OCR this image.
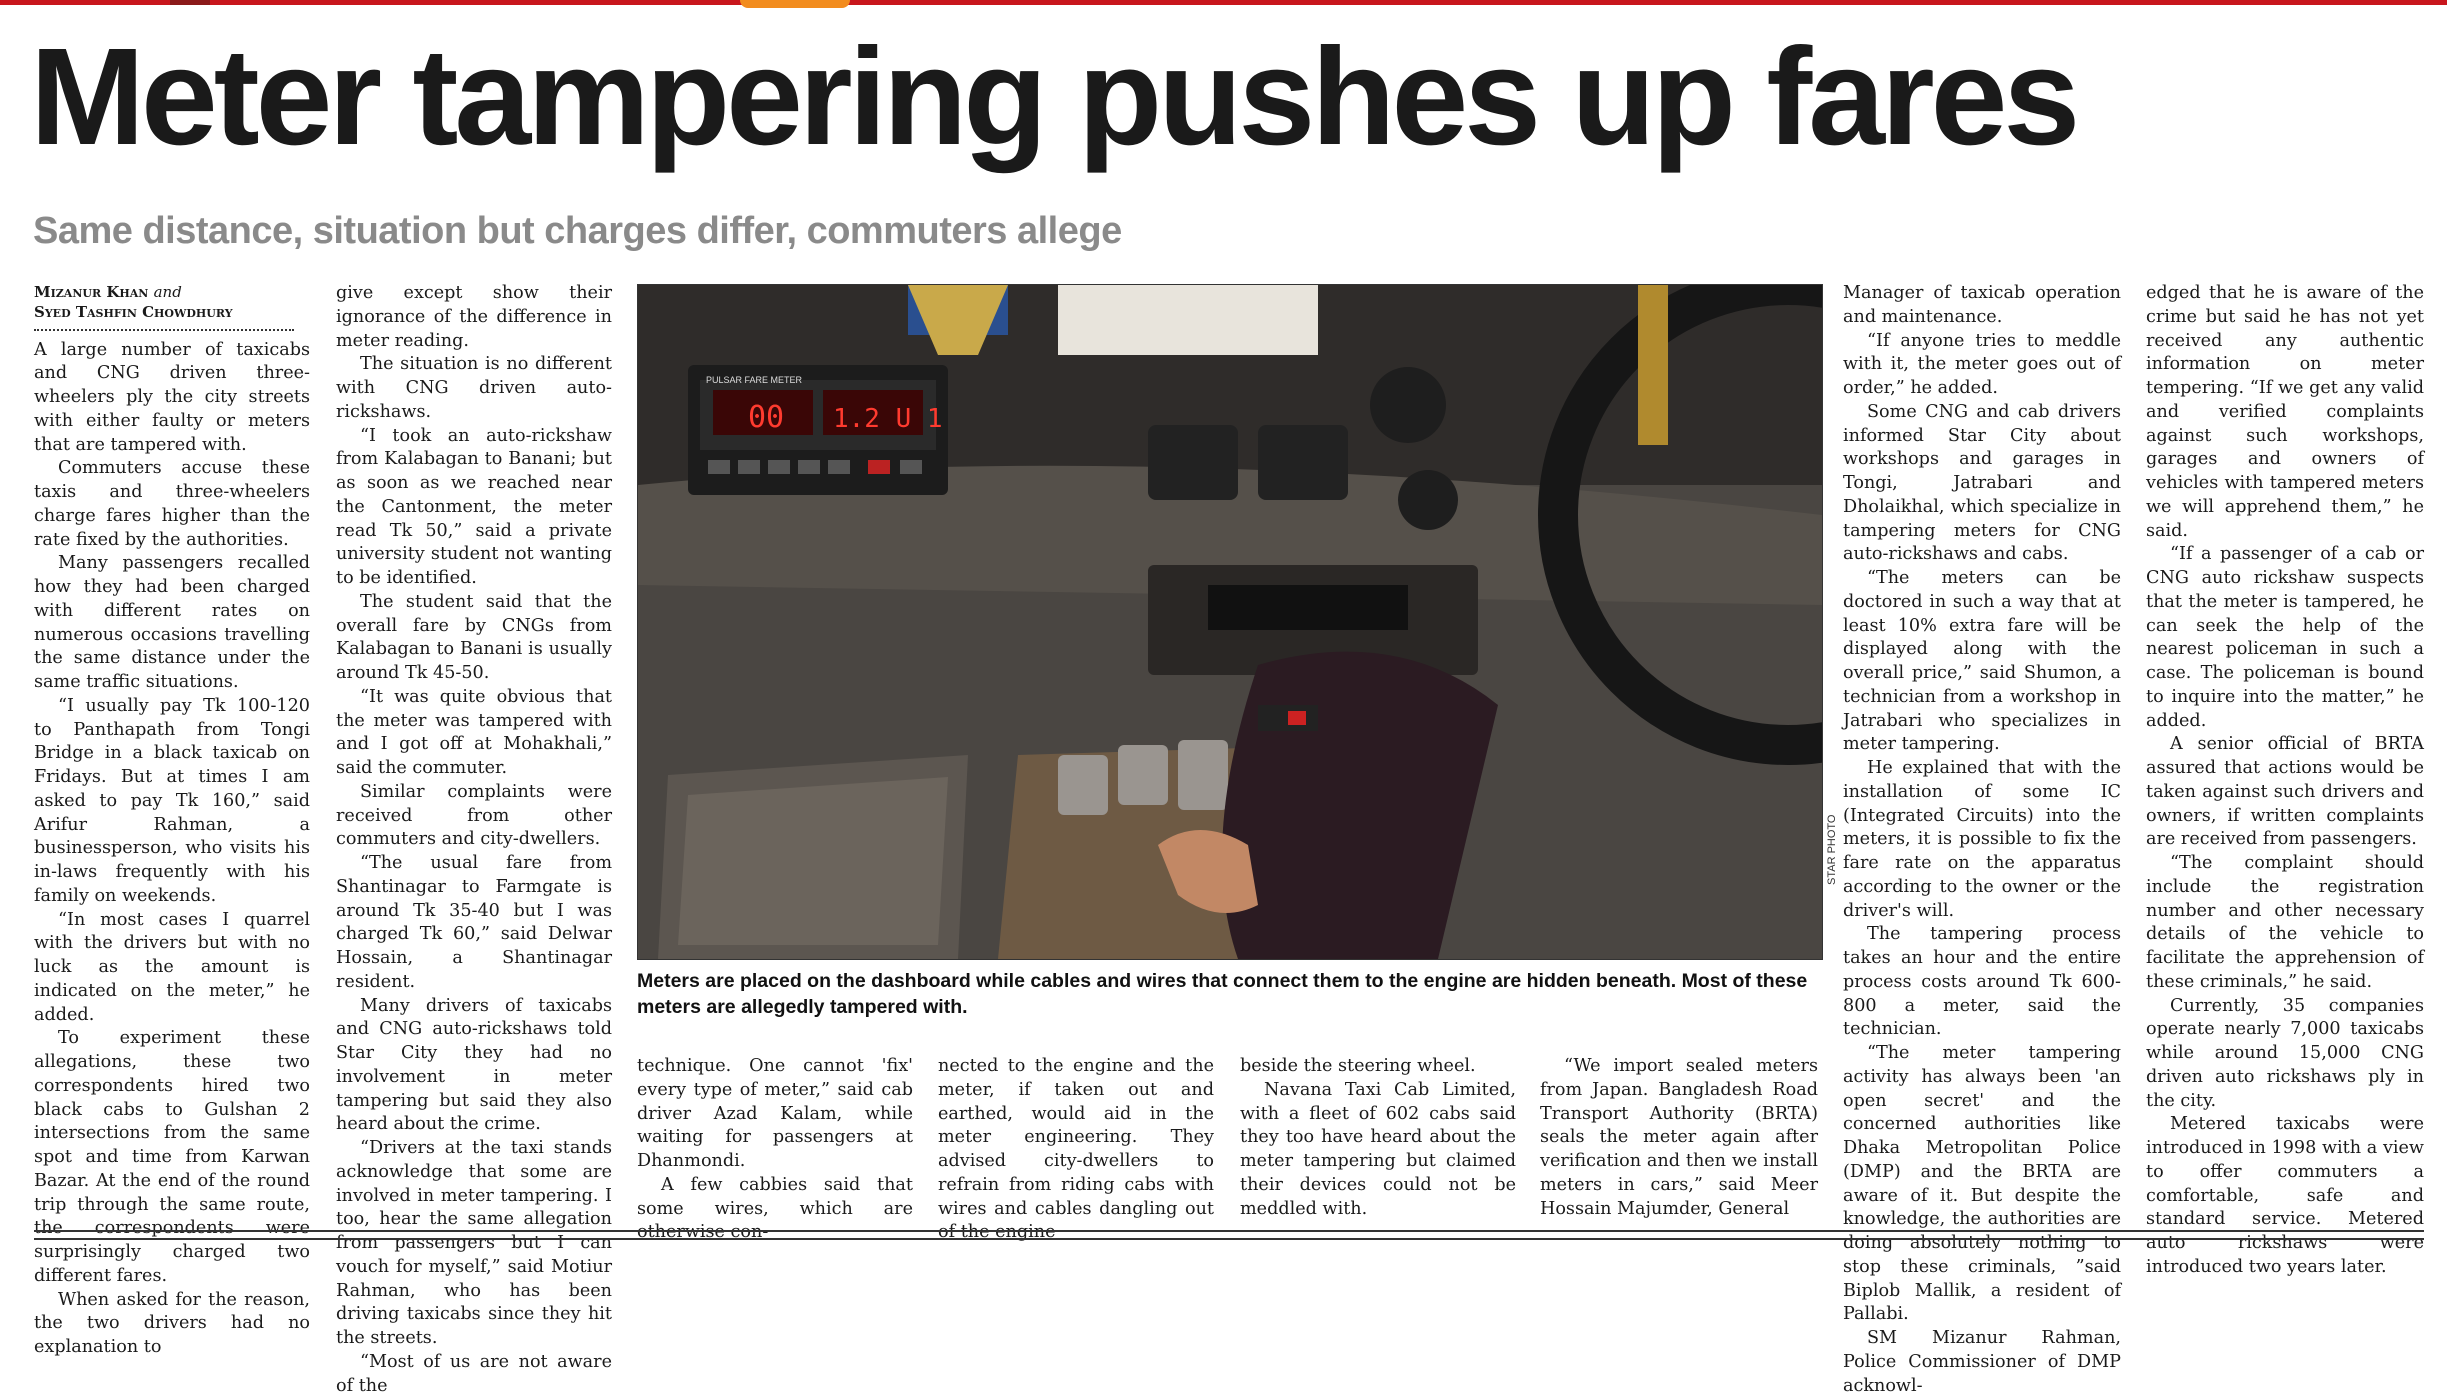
Meter tampering pushes up fares
Same distance, situation but charges differ, commuters allege
Mizanur Khan and
Syed Tashfin Chowdhury

A large number of taxicabs and CNG driven three-wheelers ply the city streets with either faulty or meters that are tampered with.

Commuters accuse these taxis and three-wheelers charge fares higher than the rate fixed by the authorities.

Many passengers recalled how they had been charged with different rates on numerous occasions travelling the same distance under the same traffic situations.

“I usually pay Tk 100-120 to Panthapath from Tongi Bridge in a black taxicab on Fridays. But at times I am asked to pay Tk 160,” said Arifur Rahman, a businessperson, who visits his in-laws frequently with his family on weekends.

“In most cases I quarrel with the drivers but with no luck as the amount is indicated on the meter,” he added.

To experiment these allegations, these two correspondents hired two black cabs to Gulshan 2 intersections from the same spot and time from Karwan Bazar. At the end of the round trip through the same route, the correspondents were surprisingly charged two different fares.

When asked for the reason, the two drivers had no explanation to

give except show their ignorance of the difference in meter reading.

The situation is no different with CNG driven auto-rickshaws.

“I took an auto-rickshaw from Kalabagan to Banani; but as soon as we reached near the Cantonment, the meter read Tk 50,” said a private university student not wanting to be identified.

The student said that the overall fare by CNGs from Kalabagan to Banani is usually around Tk 45-50.

“It was quite obvious that the meter was tampered with and I got off at Mohakhali,” said the commuter.

Similar complaints were received from other commuters and city-dwellers.

“The usual fare from Shantinagar to Farmgate is around Tk 35-40 but I was charged Tk 60,” said Delwar Hossain, a Shantinagar resident.

Many drivers of taxicabs and CNG auto-rickshaws told Star City they had no involvement in meter tampering but said they also heard about the crime.

“Drivers at the taxi stands acknowledge that some are involved in meter tampering. I too, hear the same allegation from passengers but I can vouch for myself,” said Motiur Rahman, who has been driving taxicabs since they hit the streets.

“Most of us are not aware of the

PULSAR FARE METER
00 1.2 U 1
STAR PHOTO
Meters are placed on the dashboard while cables and wires that connect them to the engine are hidden beneath. Most of these meters are allegedly tampered with.

technique. One cannot 'fix' every type of meter,” said cab driver Azad Kalam, while waiting for passengers at Dhanmondi.

A few cabbies said that some wires, which are otherwise con-

nected to the engine and the meter, if taken out and earthed, would aid in the meter engineering. They advised city-dwellers to refrain from riding cabs with wires and cables dangling out of the engine

beside the steering wheel.

Navana Taxi Cab Limited, with a fleet of 602 cabs said they too have heard about the meter tampering but claimed their devices could not be meddled with.

“We import sealed meters from Japan. Bangladesh Road Transport Authority (BRTA) seals the meter again after verification and then we install meters in cars,” said Meer Hossain Majumder, General

Manager of taxicab operation and maintenance.

“If anyone tries to meddle with it, the meter goes out of order,” he added.

Some CNG and cab drivers informed Star City about workshops and garages in Tongi, Jatrabari and Dholaikhal, which specialize in tampering meters for CNG auto-rickshaws and cabs.

“The meters can be doctored in such a way that at least 10% extra fare will be displayed along with the overall price,” said Shumon, a technician from a workshop in Jatrabari who specializes in meter tampering.

He explained that with the installation of some IC (Integrated Circuits) into the meters, it is possible to fix the fare rate on the apparatus according to the owner or the driver's will.

The tampering process takes an hour and the entire process costs around Tk 600-800 a meter, said the technician.

“The meter tampering activity has always been 'an open secret' and the concerned authorities like Dhaka Metropolitan Police (DMP) and the BRTA are aware of it. But despite the knowledge, the authorities are doing absolutely nothing to stop these criminals, ”said Biplob Mallik, a resident of Pallabi.

SM Mizanur Rahman, Police Commissioner of DMP acknowl-

edged that he is aware of the crime but said he has not yet received any authentic information on meter tempering. “If we get any valid and verified complaints against such workshops, garages and owners of vehicles with tampered meters we will apprehend them,” he said.

“If a passenger of a cab or CNG auto rickshaw suspects that the meter is tampered, he can seek the help of the nearest policeman in such a case. The policeman is bound to inquire into the matter,” he added.

A senior official of BRTA assured that actions would be taken against such drivers and owners, if written complaints are received from passengers.

“The complaint should include the registration number and other necessary details of the vehicle to facilitate the apprehension of these criminals,” he said.

Currently, 35 companies operate nearly 7,000 taxicabs while around 15,000 CNG driven auto rickshaws ply in the city.

Metered taxicabs were introduced in 1998 with a view to offer commuters a comfortable, safe and standard service. Metered auto rickshaws were introduced two years later.
